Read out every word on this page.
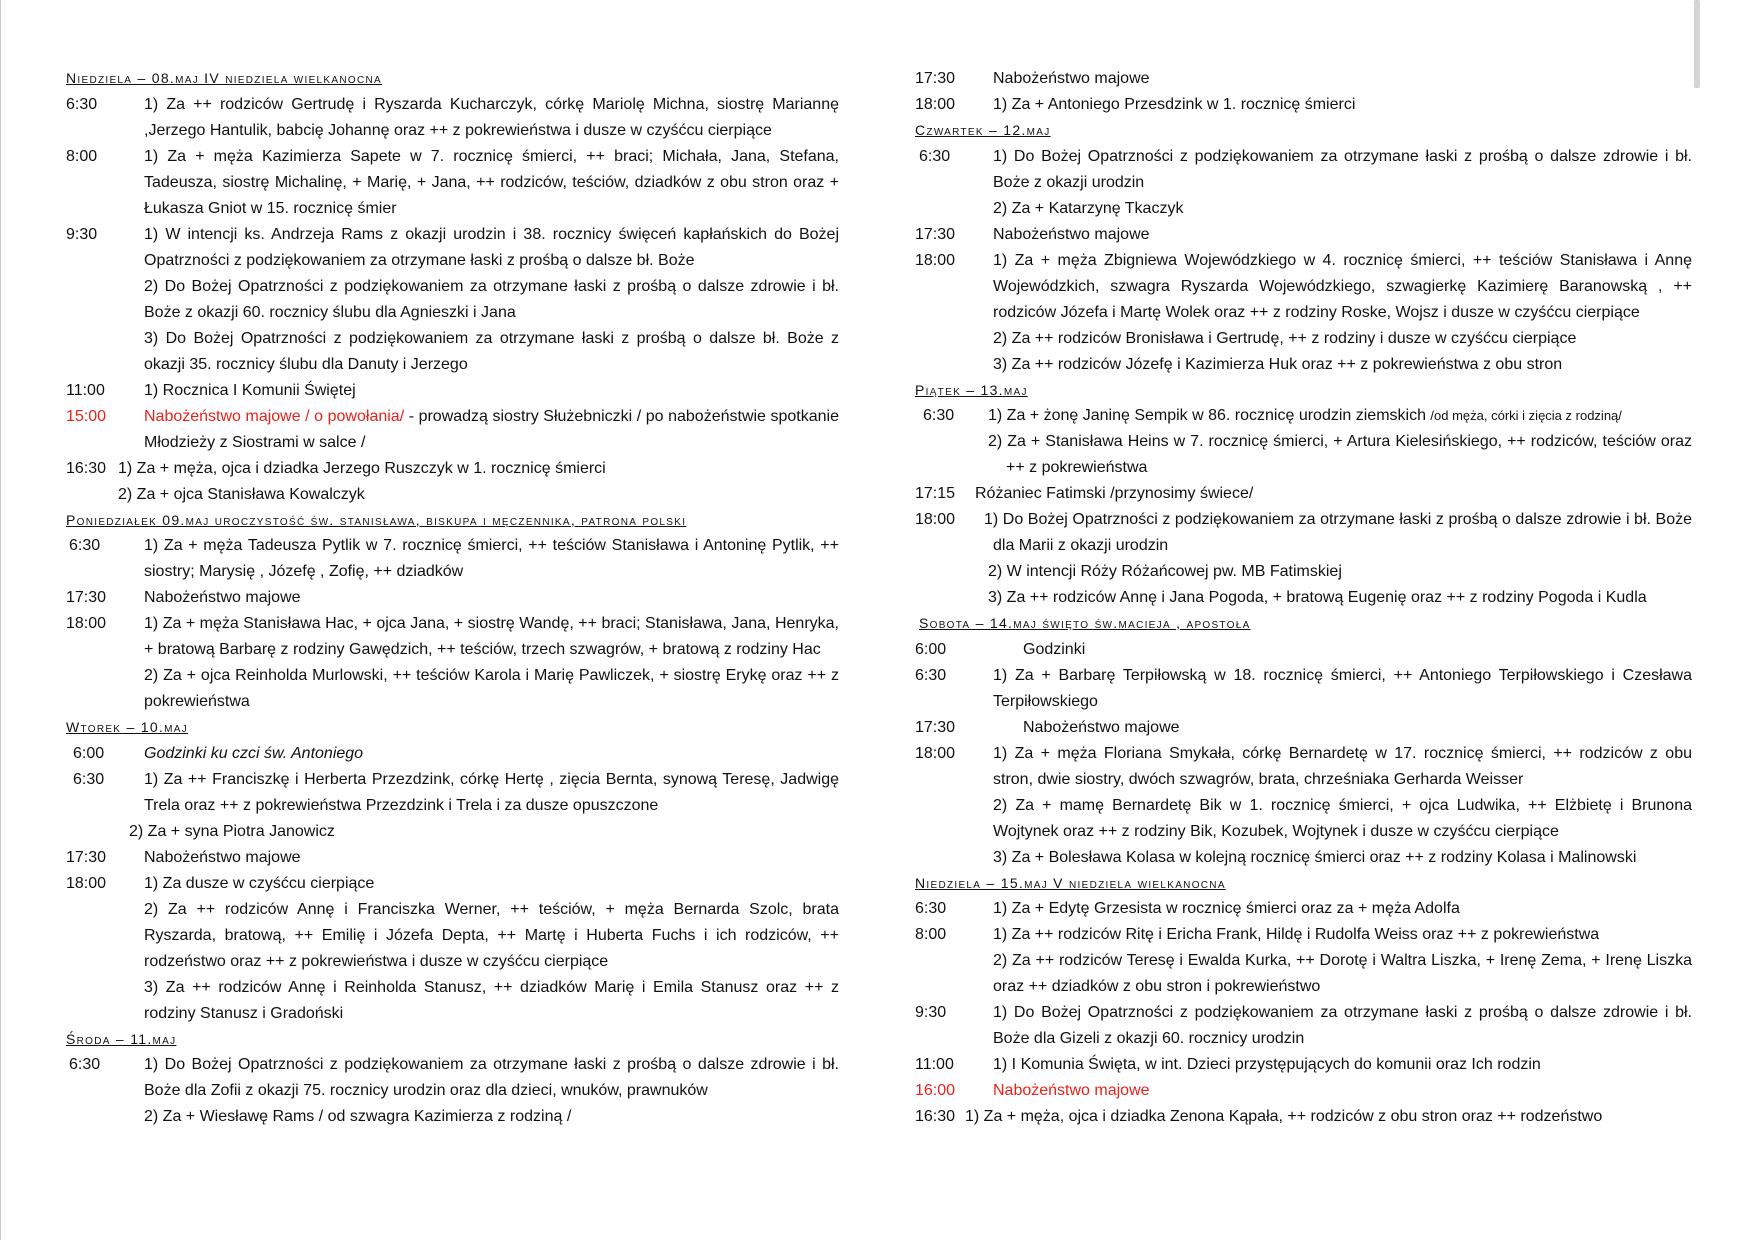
Niedziela – 08.maj IV niedziela wielkanocna
6:30	1) Za ++ rodziców Gertrudę i Ryszarda Kucharczyk, córkę Mariolę Michna, siostrę Mariannę ,Jerzego Hantulik, babcię Johannę oraz ++ z pokrewieństwa i dusze w czyśćcu cierpiące
8:00	1) Za + męża Kazimierza Sapete w 7. rocznicę śmierci, ++ braci; Michała, Jana, Stefana, Tadeusza, siostrę Michalinę, + Marię, + Jana, ++ rodziców, teściów, dziadków z obu stron oraz + Łukasza Gniot w 15. rocznicę śmier
9:30	1) W intencji ks. Andrzeja Rams z okazji urodzin i 38. rocznicy święceń kapłańskich do Bożej Opatrzności z podziękowaniem za otrzymane łaski z prośbą o dalsze bł. Boże
2) Do Bożej Opatrzności z podziękowaniem za otrzymane łaski z prośbą o dalsze zdrowie i bł. Boże z okazji 60. rocznicy ślubu dla Agnieszki i Jana
3) Do Bożej Opatrzności z podziękowaniem za otrzymane łaski z prośbą o dalsze bł. Boże z okazji 35. rocznicy ślubu dla Danuty i Jerzego
11:00	1) Rocznica I Komunii Świętej
15:00	Nabożeństwo majowe / o powołania/ - prowadzą siostry Służebniczki / po nabożeństwie spotkanie Młodzieży z Siostrami w salce /
16:30 1) Za + męża, ojca i dziadka Jerzego Ruszczyk w 1. rocznicę śmierci
2) Za + ojca Stanisława Kowalczyk
Poniedziałek 09.maj uroczystość św. stanisława, biskupa i męczennika, patrona polski
6:30	1) Za + męża Tadeusza Pytlik w 7. rocznicę śmierci, ++ teściów Stanisława i Antoninę Pytlik, ++ siostry; Marysię , Józefę , Zofię, ++ dziadków
17:30	Nabożeństwo majowe
18:00	1) Za + męża Stanisława Hac, + ojca Jana, + siostrę Wandę, ++ braci; Stanisława, Jana, Henryka, + bratową Barbarę z rodziny Gawędzich, ++ teściów, trzech szwagrów, + bratową z rodziny Hac
2) Za + ojca Reinholda Murlowski, ++ teściów Karola i Marię Pawliczek, + siostrę Erykę oraz ++ z pokrewieństwa
Wtorek – 10.maj
6:00	Godzinki ku czci św. Antoniego
6:30	1) Za ++ Franciszkę i Herberta Przezdzink, córkę Hertę , zięcia Bernta, synową Teresę, Jadwigę Trela oraz ++ z pokrewieństwa Przezdzink i Trela i za dusze opuszczone
2) Za + syna Piotra Janowicz
17:30	Nabożeństwo majowe
18:00	1) Za dusze w czyśćcu cierpiące
2) Za ++ rodziców Annę i Franciszka Werner, ++ teściów, + męża Bernarda Szolc, brata Ryszarda, bratową, ++ Emilię i Józefa Depta, ++ Martę i Huberta Fuchs i ich rodziców, ++ rodzeństwo oraz ++ z pokrewieństwa i dusze w czyśćcu cierpiące
3) Za ++ rodziców Annę i Reinholda Stanusz, ++ dziadków Marię i Emila Stanusz oraz ++ z rodziny Stanusz i Gradoński
Środa – 11.maj
6:30	1) Do Bożej Opatrzności z podziękowaniem za otrzymane łaski z prośbą o dalsze zdrowie i bł. Boże dla Zofii z okazji 75. rocznicy urodzin oraz dla dzieci, wnuków, prawnuków
2) Za + Wiesławę Rams / od szwagra Kazimierza z rodziną /
17:30	Nabożeństwo majowe
18:00	1) Za + Antoniego Przesdzink w 1. rocznicę śmierci
Czwartek – 12.maj
6:30	1) Do Bożej Opatrzności z podziękowaniem za otrzymane łaski z prośbą o dalsze zdrowie i bł. Boże z okazji urodzin
2) Za + Katarzynę Tkaczyk
17:30	Nabożeństwo majowe
18:00	1) Za + męża Zbigniewa Wojewódzkiego w 4. rocznicę śmierci, ++ teściów Stanisława i Annę Wojewódzkich, szwagra Ryszarda Wojewódzkiego, szwagierkę Kazimierę Baranowską , ++ rodziców Józefa i Martę Wolek oraz ++ z rodziny Roske, Wojsz i dusze w czyśćcu cierpiące
2) Za ++ rodziców Bronisława i Gertrudę, ++ z rodziny i dusze w czyśćcu cierpiące
3) Za ++ rodziców Józefę i Kazimierza Huk oraz ++ z pokrewieństwa z obu stron
Piątek – 13.maj
6:30	1) Za + żonę Janinę Sempik w 86. rocznicę urodzin ziemskich /od męża, córki i zięcia z rodziną/
2) Za + Stanisława Heins w 7. rocznicę śmierci, + Artura Kielesińskiego, ++ rodziców, teściów oraz ++ z pokrewieństwa
17:15	Różaniec Fatimski /przynosimy świece/
18:00	1) Do Bożej Opatrzności z podziękowaniem za otrzymane łaski z prośbą o dalsze zdrowie i bł. Boże dla Marii z okazji urodzin
2) W intencji Róży Różańcowej pw. MB Fatimskiej
3) Za ++ rodziców Annę i Jana Pogoda, + bratową Eugenię oraz ++ z rodziny Pogoda i Kudla
Sobota – 14.maj święto św.macieja , apostoła
6:00	Godzinki
6:30	1) Za + Barbarę Terpiłowską w 18. rocznicę śmierci, ++ Antoniego Terpiłowskiego i Czesława Terpiłowskiego
17:30	Nabożeństwo majowe
18:00	1) Za + męża Floriana Smykała, córkę Bernardetę w 17. rocznicę śmierci, ++ rodziców z obu stron, dwie siostry, dwóch szwagrów, brata, chrześniaka Gerharda Weisser
2) Za + mamę Bernardetę Bik w 1. rocznicę śmierci, + ojca Ludwika, ++ Elżbietę i Brunona Wojtynek oraz ++ z rodziny Bik, Kozubek, Wojtynek i dusze w czyśćcu cierpiące
3) Za + Bolesława Kolasa w kolejną rocznicę śmierci oraz ++ z rodziny Kolasa i Malinowski
Niedziela – 15.maj V niedziela wielkanocna
6:30	1) Za + Edytę Grzesista w rocznicę śmierci oraz za + męża Adolfa
8:00	1) Za ++ rodziców Ritę i Ericha Frank, Hildę i Rudolfa Weiss oraz ++ z pokrewieństwa
2) Za ++ rodziców Teresę i Ewalda Kurka, ++ Dorotę i Waltra Liszka, + Irenę Zema, + Irenę Liszka oraz ++ dziadków z obu stron i pokrewieństwo
9:30	1) Do Bożej Opatrzności z podziękowaniem za otrzymane łaski z prośbą o dalsze zdrowie i bł. Boże dla Gizeli z okazji 60. rocznicy urodzin
11:00	1) I Komunia Święta, w int. Dzieci przystępujących do komunii oraz Ich rodzin
16:00	Nabożeństwo majowe
16:30 1) Za + męża, ojca i dziadka Zenona Kąpała, ++ rodziców z obu stron oraz ++ rodzeństwo
